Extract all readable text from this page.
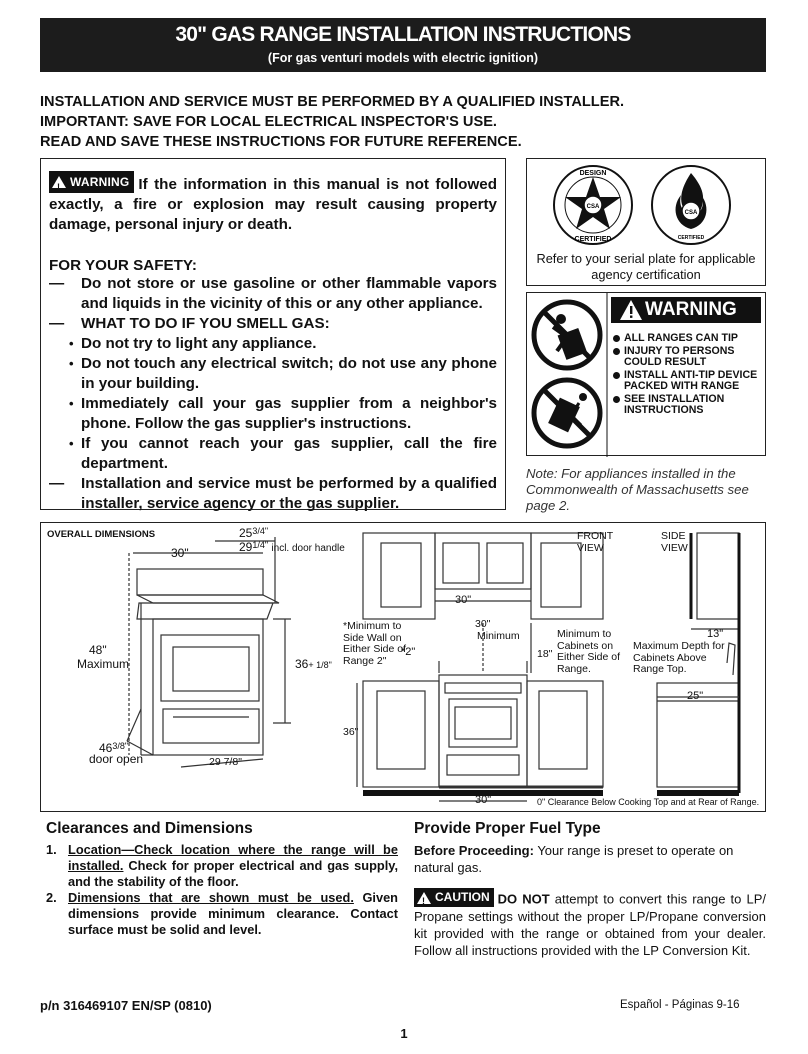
30" GAS RANGE INSTALLATION INSTRUCTIONS
(For gas venturi models with electric ignition)
INSTALLATION AND SERVICE MUST BE PERFORMED BY A QUALIFIED INSTALLER.
IMPORTANT: SAVE FOR LOCAL ELECTRICAL INSPECTOR'S USE.
READ AND SAVE THESE INSTRUCTIONS FOR FUTURE REFERENCE.
!
WARNING If the information in this manual is not followed exactly, a fire or explosion may result causing property damage, personal injury or death.
FOR YOUR SAFETY:
— Do not store or use gasoline or other flammable vapors and liquids in the vicinity of this or any other appliance.
— WHAT TO DO IF YOU SMELL GAS:
• Do not try to light any appliance.
• Do not touch any electrical switch; do not use any phone in your building.
• Immediately call your gas supplier from a neighbor's phone. Follow the gas supplier's instructions.
• If you cannot reach your gas supplier, call the fire department.
— Installation and service must be performed by a qualified installer, service agency or the gas supplier.
CSA
DESIGN
CERTIFIED
CSA
CERTIFIED
Refer to your serial plate for applicable agency certification
WARNING
ALL RANGES CAN TIP
INJURY TO PERSONS COULD RESULT
INSTALL ANTI-TIP DEVICE PACKED WITH RANGE
SEE INSTALLATION INSTRUCTIONS
Note: For appliances installed in the Commonwealth of Massachusetts see page 2.
OVERALL DIMENSIONS
30"
$25^{3/4"}$
$29^{1/4"}$ incl. door handle
48"
Maximum	36+ 1/8"
$46^{3/8"}$
door open	29 7/8"
FRONT VIEW
SIDE VIEW
30"
*Minimum to Side Wall on Either Side of Range 2"
*2"
30"
Minimum
18"
Minimum to Cabinets on Either Side of Range.
13"
Maximum Depth for Cabinets Above Range Top.
25"
36"
30"	0" Clearance Below Cooking Top and at Rear of Range.
Clearances and Dimensions
1. Location—Check location where the range will be installed. Check for proper electrical and gas supply, and the stability of the floor.
2. Dimensions that are shown must be used. Given dimensions provide minimum clearance. Contact surface must be solid and level.
Provide Proper Fuel Type

Before Proceeding: Your range is preset to operate on natural gas.

!
CAUTION DO NOT attempt to convert this range to LP/ Propane settings without the proper LP/Propane conversion kit provided with the range or obtained from your dealer. Follow all instructions provided with the LP Conversion Kit.

p/n 316469107 EN/SP (0810)	Español - Páginas 9-16
1
